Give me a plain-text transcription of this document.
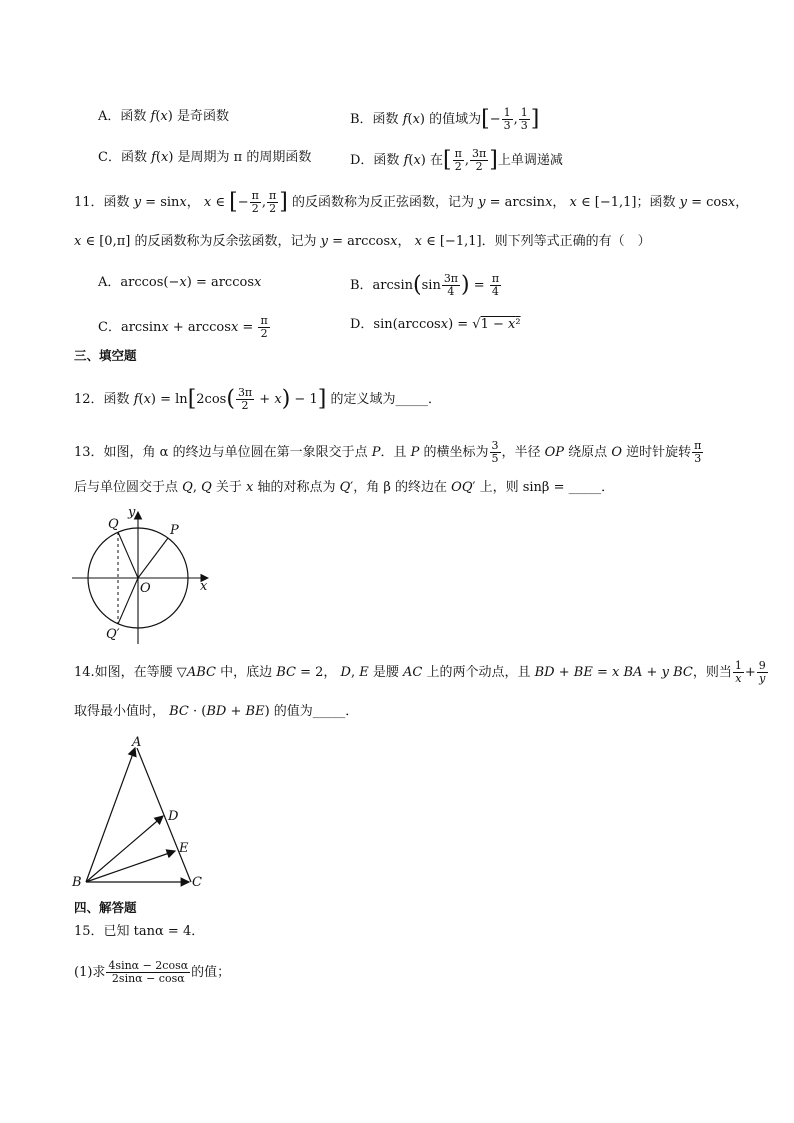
A．函数 f(x) 是奇函数	B．函数 f(x) 的值域为[− $\frac{1}{3}$ , $\frac{1}{3}$ ]
C．函数 f(x) 是周期为 π 的周期函数	D．函数 f(x) 在[ $\frac{\pi}{2}$ , $\frac{3\pi}{2}$ ]上单调递减
11．函数 y = sinx， x ∈ [− $\frac{\pi}{2}$ , $\frac{\pi}{2}$ ] 的反函数称为反正弦函数，记为 y = arcsinx， x ∈ [−1,1]；函数 y = cosx，
x ∈ [0,π] 的反函数称为反余弦函数，记为 y = arccosx， x ∈ [−1,1]．则下列等式正确的有（　）
A．arccos(−x) = arccosx	B．$\arcsin(\sin \frac{3\pi}{4}$ ) = $\frac{\pi}{4}$
C．$\arcsin x + \arccos x = \frac{\pi}{2}$	D．sin(arccosx) = √1 − x²
三、填空题
12．函数 $f(x) = \ln[2\cos( \frac{3\pi}{2} + x) - 1]$ 的定义域为_____．
13．如图，角 α 的终边与单位圆在第一象限交于点 P．且 P 的横坐标为 $\frac{3}{5}$ ，半径 OP 绕原点 O 逆时针旋转 $\frac{\pi}{3}$
后与单位圆交于点 Q, Q 关于 x 轴的对称点为 Q′，角 β 的终边在 OQ′ 上，则 sinβ = _____．
y
x
O
P
Q
Q′
14.如图，在等腰 ▽ABC 中，底边 BC = 2， D, E 是腰 AC 上的两个动点，且 BD + BE = x BA + y BC，则当 $\frac{1}{x} + \frac{9}{y}$
取得最小值时， BC · (BD + BE) 的值为_____．
A
B	C
D
E
四、解答题
15．已知 tanα = 4．
(1)求 $\frac{4\sin\alpha - 2\cos\alpha}{2\sin\alpha - \cos\alpha}$ 的值；
